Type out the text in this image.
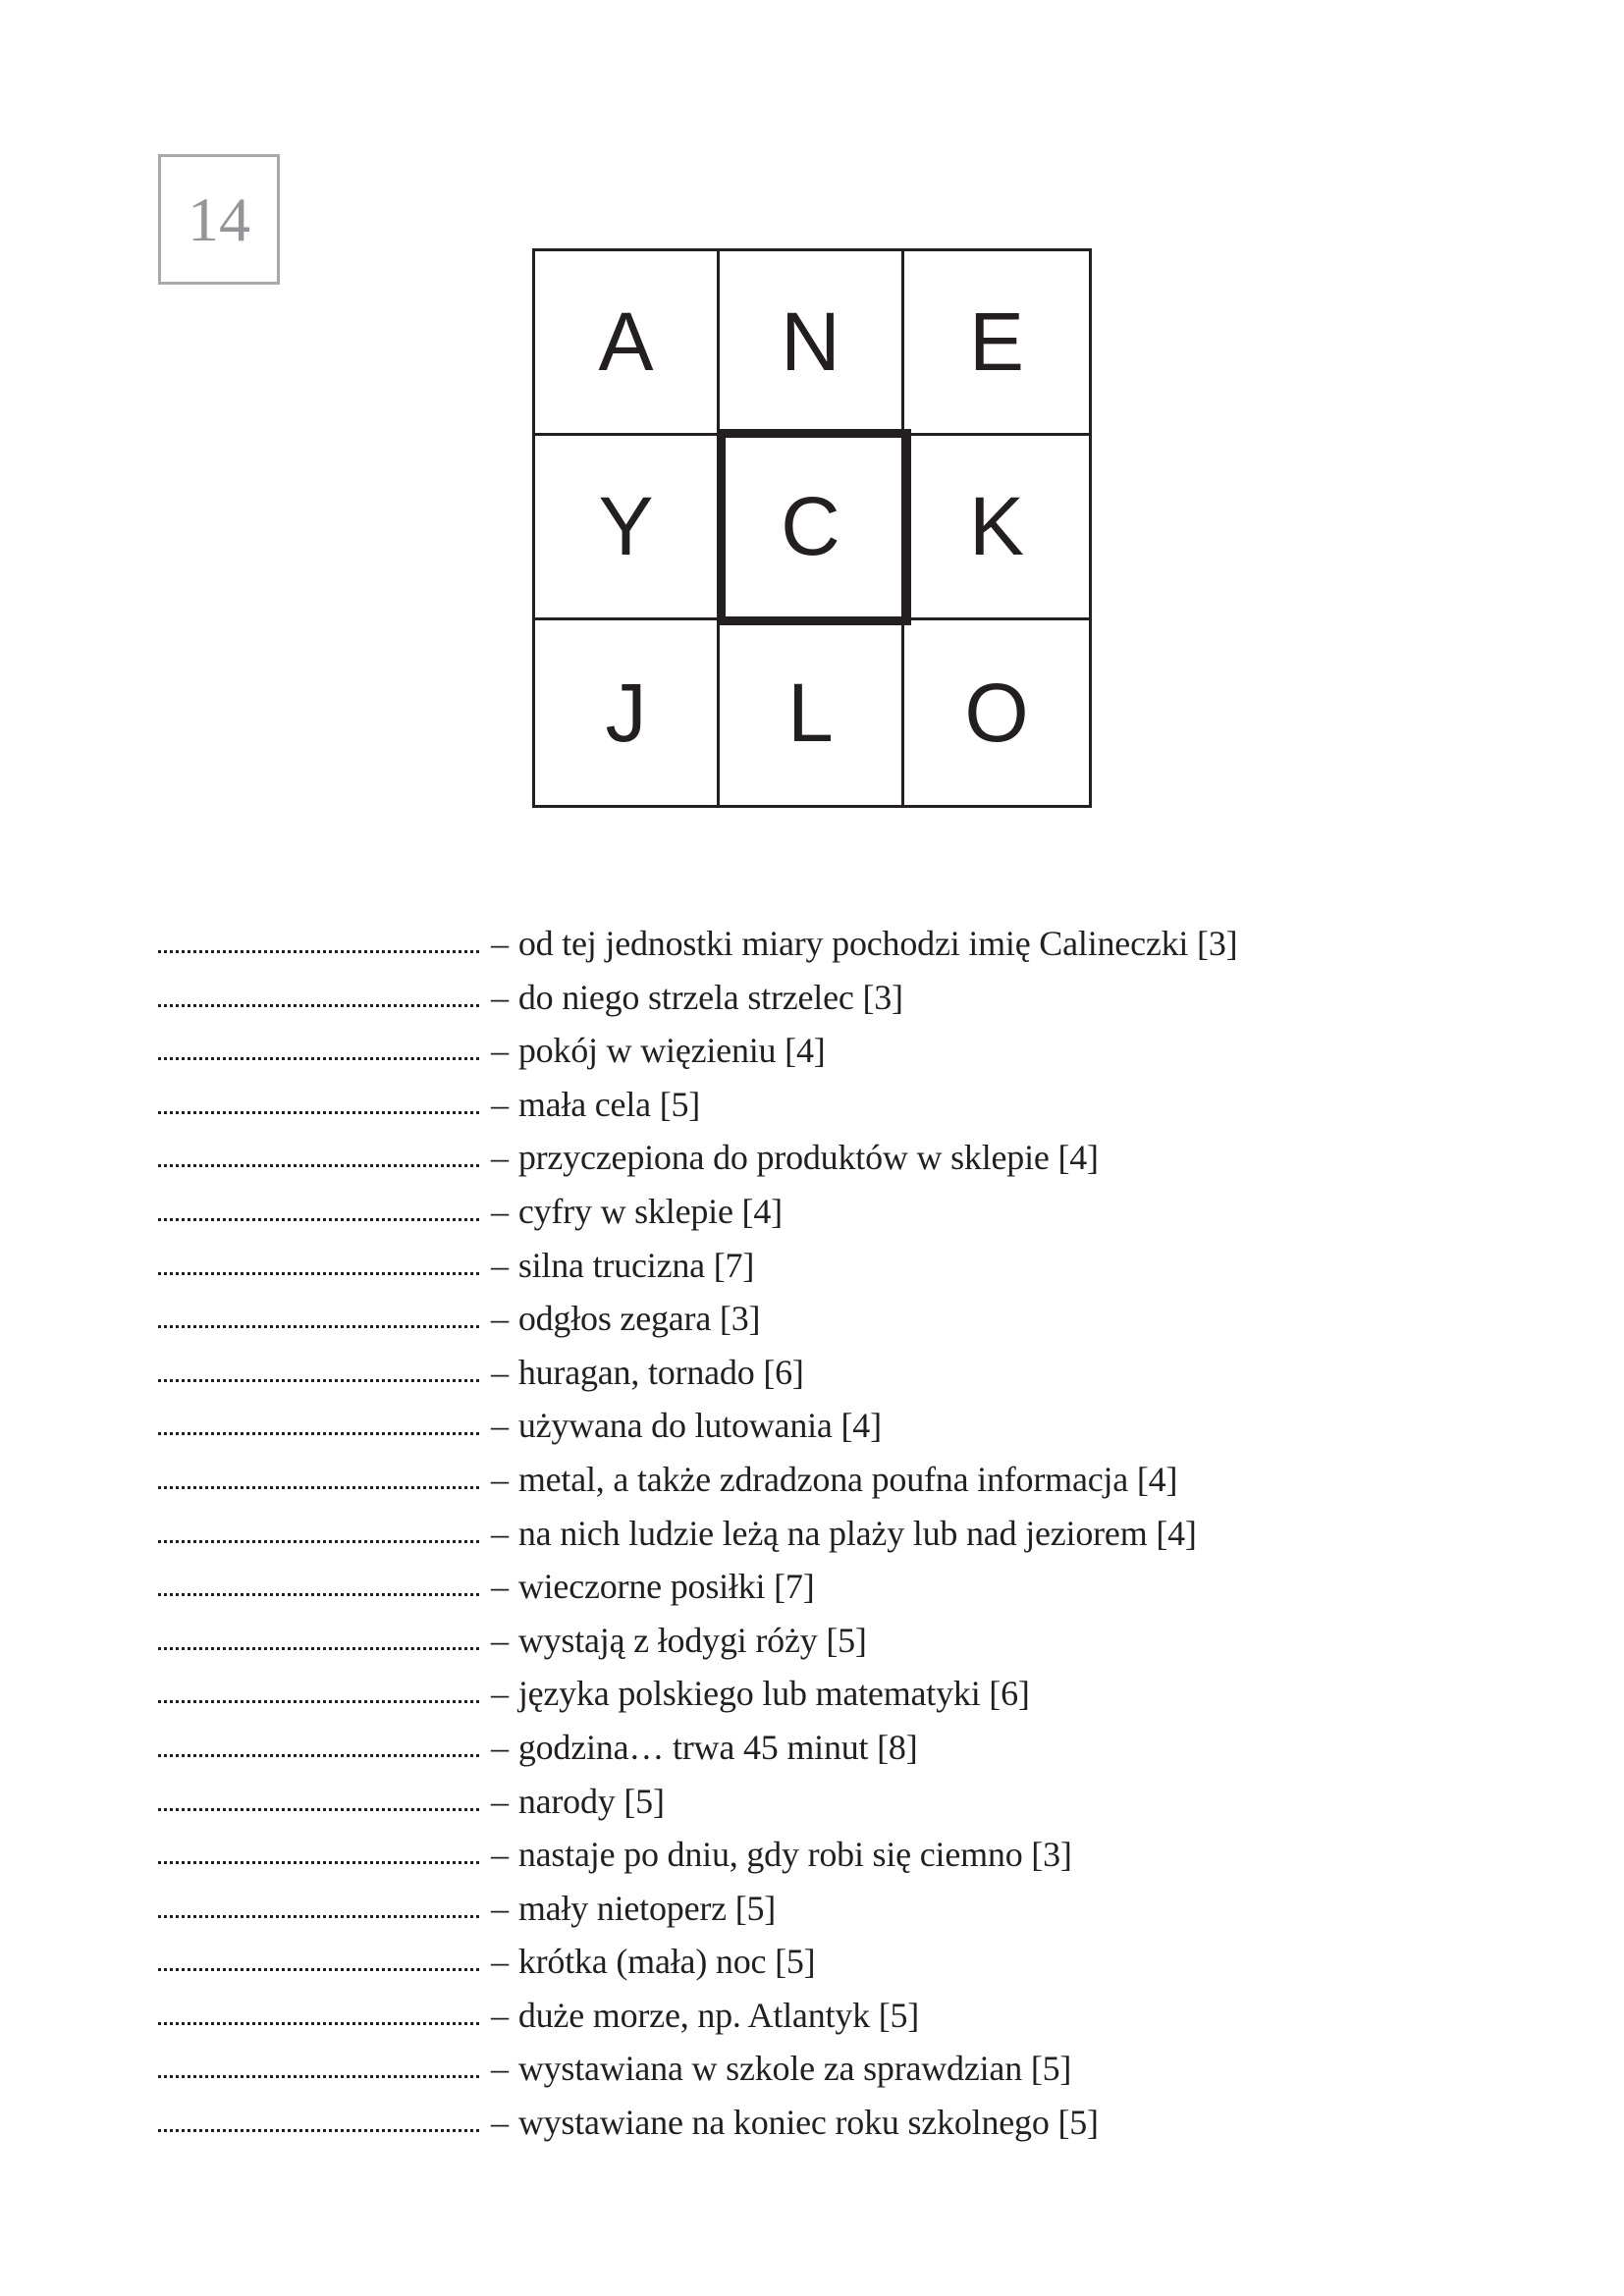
14
A	N	E
Y	C	K
J	L	O
– od tej jednostki miary pochodzi imię Calineczki [3]
– do niego strzela strzelec [3]
– pokój w więzieniu [4]
– mała cela [5]
– przyczepiona do produktów w sklepie [4]
– cyfry w sklepie [4]
– silna trucizna [7]
– odgłos zegara [3]
– huragan, tornado [6]
– używana do lutowania [4]
– metal, a także zdradzona poufna informacja [4]
– na nich ludzie leżą na plaży lub nad jeziorem [4]
– wieczorne posiłki [7]
– wystają z łodygi róży [5]
– języka polskiego lub matematyki [6]
– godzina… trwa 45 minut [8]
– narody [5]
– nastaje po dniu, gdy robi się ciemno [3]
– mały nietoperz [5]
– krótka (mała) noc [5]
– duże morze, np. Atlantyk [5]
– wystawiana w szkole za sprawdzian [5]
– wystawiane na koniec roku szkolnego [5]
